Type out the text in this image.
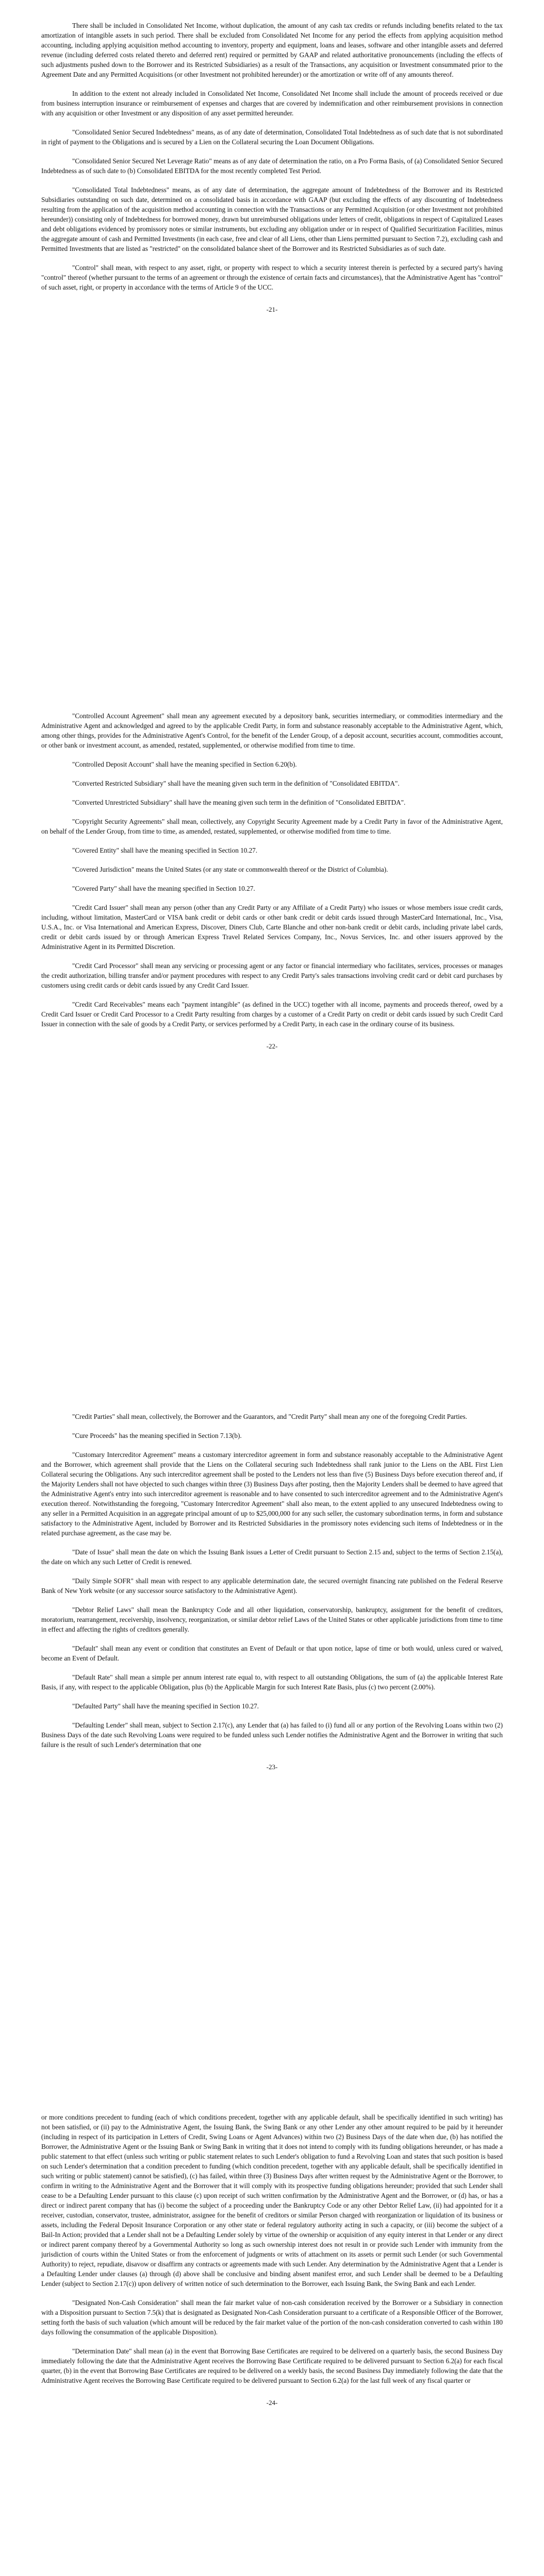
There shall be included in Consolidated Net Income, without duplication, the amount of any cash tax credits or refunds including benefits related to the tax amortization of intangible assets in such period. There shall be excluded from Consolidated Net Income for any period the effects from applying acquisition method accounting, including applying acquisition method accounting to inventory, property and equipment, loans and leases, software and other intangible assets and deferred revenue (including deferred costs related thereto and deferred rent) required or permitted by GAAP and related authoritative pronouncements (including the effects of such adjustments pushed down to the Borrower and its Restricted Subsidiaries) as a result of the Transactions, any acquisition or Investment consummated prior to the Agreement Date and any Permitted Acquisitions (or other Investment not prohibited hereunder) or the amortization or write off of any amounts thereof.

In addition to the extent not already included in Consolidated Net Income, Consolidated Net Income shall include the amount of proceeds received or due from business interruption insurance or reimbursement of expenses and charges that are covered by indemnification and other reimbursement provisions in connection with any acquisition or other Investment or any disposition of any asset permitted hereunder.

"Consolidated Senior Secured Indebtedness" means, as of any date of determination, Consolidated Total Indebtedness as of such date that is not subordinated in right of payment to the Obligations and is secured by a Lien on the Collateral securing the Loan Document Obligations.

"Consolidated Senior Secured Net Leverage Ratio" means as of any date of determination the ratio, on a Pro Forma Basis, of (a) Consolidated Senior Secured Indebtedness as of such date to (b) Consolidated EBITDA for the most recently completed Test Period.

"Consolidated Total Indebtedness" means, as of any date of determination, the aggregate amount of Indebtedness of the Borrower and its Restricted Subsidiaries outstanding on such date, determined on a consolidated basis in accordance with GAAP (but excluding the effects of any discounting of Indebtedness resulting from the application of the acquisition method accounting in connection with the Transactions or any Permitted Acquisition (or other Investment not prohibited hereunder)) consisting only of Indebtedness for borrowed money, drawn but unreimbursed obligations under letters of credit, obligations in respect of Capitalized Leases and debt obligations evidenced by promissory notes or similar instruments, but excluding any obligation under or in respect of Qualified Securitization Facilities, minus the aggregate amount of cash and Permitted Investments (in each case, free and clear of all Liens, other than Liens permitted pursuant to Section 7.2), excluding cash and Permitted Investments that are listed as "restricted" on the consolidated balance sheet of the Borrower and its Restricted Subsidiaries as of such date.

"Control" shall mean, with respect to any asset, right, or property with respect to which a security interest therein is perfected by a secured party's having "control" thereof (whether pursuant to the terms of an agreement or through the existence of certain facts and circumstances), that the Administrative Agent has "control" of such asset, right, or property in accordance with the terms of Article 9 of the UCC.

-21-

"Controlled Account Agreement" shall mean any agreement executed by a depository bank, securities intermediary, or commodities intermediary and the Administrative Agent and acknowledged and agreed to by the applicable Credit Party, in form and substance reasonably acceptable to the Administrative Agent, which, among other things, provides for the Administrative Agent's Control, for the benefit of the Lender Group, of a deposit account, securities account, commodities account, or other bank or investment account, as amended, restated, supplemented, or otherwise modified from time to time.

"Controlled Deposit Account" shall have the meaning specified in Section 6.20(b).

"Converted Restricted Subsidiary" shall have the meaning given such term in the definition of "Consolidated EBITDA".

"Converted Unrestricted Subsidiary" shall have the meaning given such term in the definition of "Consolidated EBITDA".

"Copyright Security Agreements" shall mean, collectively, any Copyright Security Agreement made by a Credit Party in favor of the Administrative Agent, on behalf of the Lender Group, from time to time, as amended, restated, supplemented, or otherwise modified from time to time.

"Covered Entity" shall have the meaning specified in Section 10.27.

"Covered Jurisdiction" means the United States (or any state or commonwealth thereof or the District of Columbia).

"Covered Party" shall have the meaning specified in Section 10.27.

"Credit Card Issuer" shall mean any person (other than any Credit Party or any Affiliate of a Credit Party) who issues or whose members issue credit cards, including, without limitation, MasterCard or VISA bank credit or debit cards or other bank credit or debit cards issued through MasterCard International, Inc., Visa, U.S.A., Inc. or Visa International and American Express, Discover, Diners Club, Carte Blanche and other non-bank credit or debit cards, including private label cards, credit or debit cards issued by or through American Express Travel Related Services Company, Inc., Novus Services, Inc. and other issuers approved by the Administrative Agent in its Permitted Discretion.

"Credit Card Processor" shall mean any servicing or processing agent or any factor or financial intermediary who facilitates, services, processes or manages the credit authorization, billing transfer and/or payment procedures with respect to any Credit Party's sales transactions involving credit card or debit card purchases by customers using credit cards or debit cards issued by any Credit Card Issuer.

"Credit Card Receivables" means each "payment intangible" (as defined in the UCC) together with all income, payments and proceeds thereof, owed by a Credit Card Issuer or Credit Card Processor to a Credit Party resulting from charges by a customer of a Credit Party on credit or debit cards issued by such Credit Card Issuer in connection with the sale of goods by a Credit Party, or services performed by a Credit Party, in each case in the ordinary course of its business.

-22-

"Credit Parties" shall mean, collectively, the Borrower and the Guarantors, and "Credit Party" shall mean any one of the foregoing Credit Parties.

"Cure Proceeds" has the meaning specified in Section 7.13(b).

"Customary Intercreditor Agreement" means a customary intercreditor agreement in form and substance reasonably acceptable to the Administrative Agent and the Borrower, which agreement shall provide that the Liens on the Collateral securing such Indebtedness shall rank junior to the Liens on the ABL First Lien Collateral securing the Obligations. Any such intercreditor agreement shall be posted to the Lenders not less than five (5) Business Days before execution thereof and, if the Majority Lenders shall not have objected to such changes within three (3) Business Days after posting, then the Majority Lenders shall be deemed to have agreed that the Administrative Agent's entry into such intercreditor agreement is reasonable and to have consented to such intercreditor agreement and to the Administrative Agent's execution thereof. Notwithstanding the foregoing, "Customary Intercreditor Agreement" shall also mean, to the extent applied to any unsecured Indebtedness owing to any seller in a Permitted Acquisition in an aggregate principal amount of up to $25,000,000 for any such seller, the customary subordination terms, in form and substance satisfactory to the Administrative Agent, included by Borrower and its Restricted Subsidiaries in the promissory notes evidencing such items of Indebtedness or in the related purchase agreement, as the case may be.

"Date of Issue" shall mean the date on which the Issuing Bank issues a Letter of Credit pursuant to Section 2.15 and, subject to the terms of Section 2.15(a), the date on which any such Letter of Credit is renewed.

"Daily Simple SOFR" shall mean with respect to any applicable determination date, the secured overnight financing rate published on the Federal Reserve Bank of New York website (or any successor source satisfactory to the Administrative Agent).

"Debtor Relief Laws" shall mean the Bankruptcy Code and all other liquidation, conservatorship, bankruptcy, assignment for the benefit of creditors, moratorium, rearrangement, receivership, insolvency, reorganization, or similar debtor relief Laws of the United States or other applicable jurisdictions from time to time in effect and affecting the rights of creditors generally.

"Default" shall mean any event or condition that constitutes an Event of Default or that upon notice, lapse of time or both would, unless cured or waived, become an Event of Default.

"Default Rate" shall mean a simple per annum interest rate equal to, with respect to all outstanding Obligations, the sum of (a) the applicable Interest Rate Basis, if any, with respect to the applicable Obligation, plus (b) the Applicable Margin for such Interest Rate Basis, plus (c) two percent (2.00%).

"Defaulted Party" shall have the meaning specified in Section 10.27.

"Defaulting Lender" shall mean, subject to Section 2.17(c), any Lender that (a) has failed to (i) fund all or any portion of the Revolving Loans within two (2) Business Days of the date such Revolving Loans were required to be funded unless such Lender notifies the Administrative Agent and the Borrower in writing that such failure is the result of such Lender's determination that one

-23-

or more conditions precedent to funding (each of which conditions precedent, together with any applicable default, shall be specifically identified in such writing) has not been satisfied, or (ii) pay to the Administrative Agent, the Issuing Bank, the Swing Bank or any other Lender any other amount required to be paid by it hereunder (including in respect of its participation in Letters of Credit, Swing Loans or Agent Advances) within two (2) Business Days of the date when due, (b) has notified the Borrower, the Administrative Agent or the Issuing Bank or Swing Bank in writing that it does not intend to comply with its funding obligations hereunder, or has made a public statement to that effect (unless such writing or public statement relates to such Lender's obligation to fund a Revolving Loan and states that such position is based on such Lender's determination that a condition precedent to funding (which condition precedent, together with any applicable default, shall be specifically identified in such writing or public statement) cannot be satisfied), (c) has failed, within three (3) Business Days after written request by the Administrative Agent or the Borrower, to confirm in writing to the Administrative Agent and the Borrower that it will comply with its prospective funding obligations hereunder; provided that such Lender shall cease to be a Defaulting Lender pursuant to this clause (c) upon receipt of such written confirmation by the Administrative Agent and the Borrower, or (d) has, or has a direct or indirect parent company that has (i) become the subject of a proceeding under the Bankruptcy Code or any other Debtor Relief Law, (ii) had appointed for it a receiver, custodian, conservator, trustee, administrator, assignee for the benefit of creditors or similar Person charged with reorganization or liquidation of its business or assets, including the Federal Deposit Insurance Corporation or any other state or federal regulatory authority acting in such a capacity, or (iii) become the subject of a Bail-In Action; provided that a Lender shall not be a Defaulting Lender solely by virtue of the ownership or acquisition of any equity interest in that Lender or any direct or indirect parent company thereof by a Governmental Authority so long as such ownership interest does not result in or provide such Lender with immunity from the jurisdiction of courts within the United States or from the enforcement of judgments or writs of attachment on its assets or permit such Lender (or such Governmental Authority) to reject, repudiate, disavow or disaffirm any contracts or agreements made with such Lender. Any determination by the Administrative Agent that a Lender is a Defaulting Lender under clauses (a) through (d) above shall be conclusive and binding absent manifest error, and such Lender shall be deemed to be a Defaulting Lender (subject to Section 2.17(c)) upon delivery of written notice of such determination to the Borrower, each Issuing Bank, the Swing Bank and each Lender.

"Designated Non-Cash Consideration" shall mean the fair market value of non-cash consideration received by the Borrower or a Subsidiary in connection with a Disposition pursuant to Section 7.5(k) that is designated as Designated Non-Cash Consideration pursuant to a certificate of a Responsible Officer of the Borrower, setting forth the basis of such valuation (which amount will be reduced by the fair market value of the portion of the non-cash consideration converted to cash within 180 days following the consummation of the applicable Disposition).

"Determination Date" shall mean (a) in the event that Borrowing Base Certificates are required to be delivered on a quarterly basis, the second Business Day immediately following the date that the Administrative Agent receives the Borrowing Base Certificate required to be delivered pursuant to Section 6.2(a) for each fiscal quarter, (b) in the event that Borrowing Base Certificates are required to be delivered on a weekly basis, the second Business Day immediately following the date that the Administrative Agent receives the Borrowing Base Certificate required to be delivered pursuant to Section 6.2(a) for the last full week of any fiscal quarter or

-24-
